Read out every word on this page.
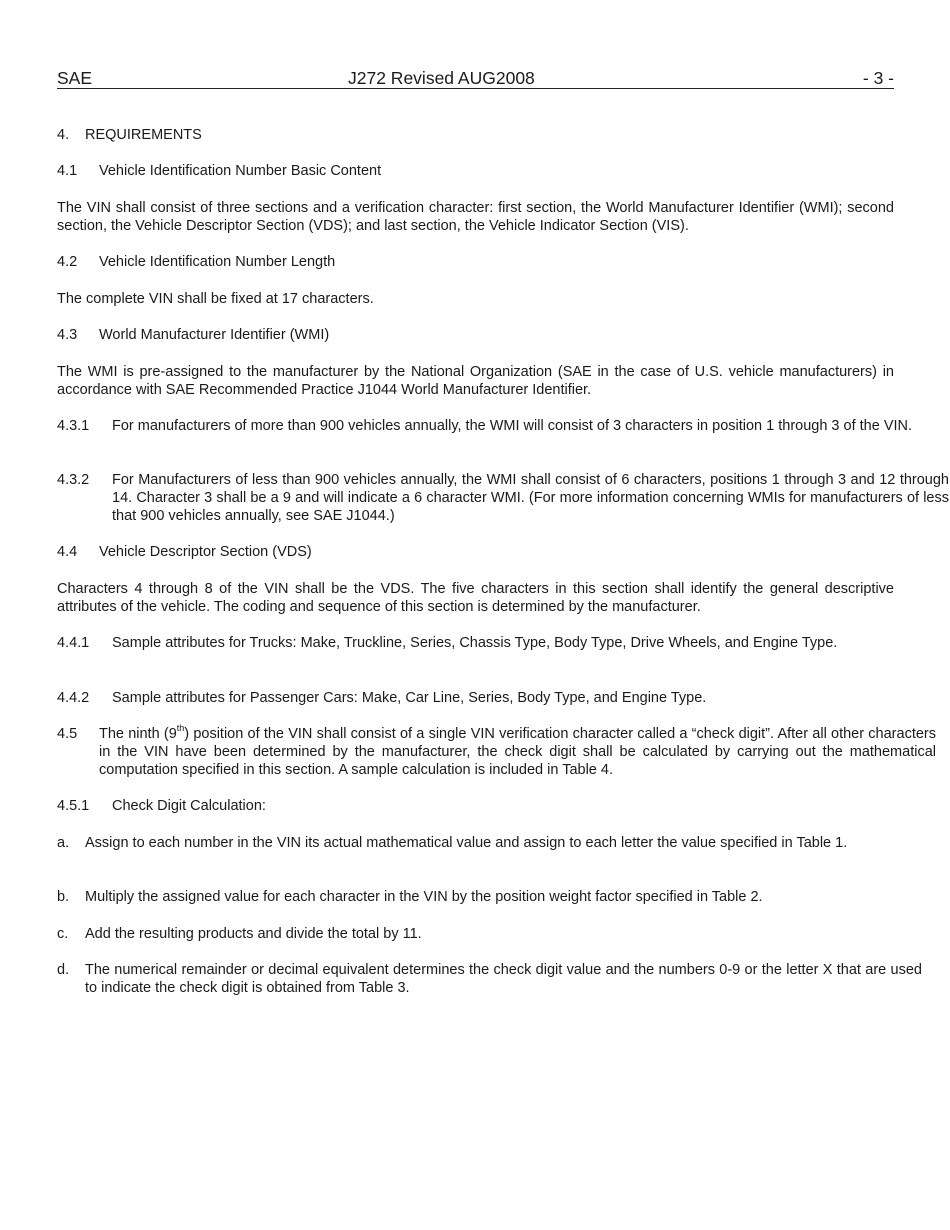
SAE	J272 Revised AUG2008	- 3 -
4. REQUIREMENTS
4.1 Vehicle Identification Number Basic Content
The VIN shall consist of three sections and a verification character: first section, the World Manufacturer Identifier (WMI); second section, the Vehicle Descriptor Section (VDS); and last section, the Vehicle Indicator Section (VIS).
4.2 Vehicle Identification Number Length
The complete VIN shall be fixed at 17 characters.
4.3 World Manufacturer Identifier (WMI)
The WMI is pre-assigned to the manufacturer by the National Organization (SAE in the case of U.S. vehicle manufacturers) in accordance with SAE Recommended Practice J1044 World Manufacturer Identifier.
4.3.1 For manufacturers of more than 900 vehicles annually, the WMI will consist of 3 characters in position 1 through 3 of the VIN.
4.3.2 For Manufacturers of less than 900 vehicles annually, the WMI shall consist of 6 characters, positions 1 through 3 and 12 through 14. Character 3 shall be a 9 and will indicate a 6 character WMI. (For more information concerning WMIs for manufacturers of less that 900 vehicles annually, see SAE J1044.)
4.4 Vehicle Descriptor Section (VDS)
Characters 4 through 8 of the VIN shall be the VDS. The five characters in this section shall identify the general descriptive attributes of the vehicle. The coding and sequence of this section is determined by the manufacturer.
4.4.1 Sample attributes for Trucks: Make, Truckline, Series, Chassis Type, Body Type, Drive Wheels, and Engine Type.
4.4.2 Sample attributes for Passenger Cars: Make, Car Line, Series, Body Type, and Engine Type.
4.5 The ninth (9th) position of the VIN shall consist of a single VIN verification character called a “check digit”. After all other characters in the VIN have been determined by the manufacturer, the check digit shall be calculated by carrying out the mathematical computation specified in this section. A sample calculation is included in Table 4.
4.5.1 Check Digit Calculation:
a. Assign to each number in the VIN its actual mathematical value and assign to each letter the value specified in Table 1.
b. Multiply the assigned value for each character in the VIN by the position weight factor specified in Table 2.
c. Add the resulting products and divide the total by 11.
d. The numerical remainder or decimal equivalent determines the check digit value and the numbers 0-9 or the letter X that are used to indicate the check digit is obtained from Table 3.
